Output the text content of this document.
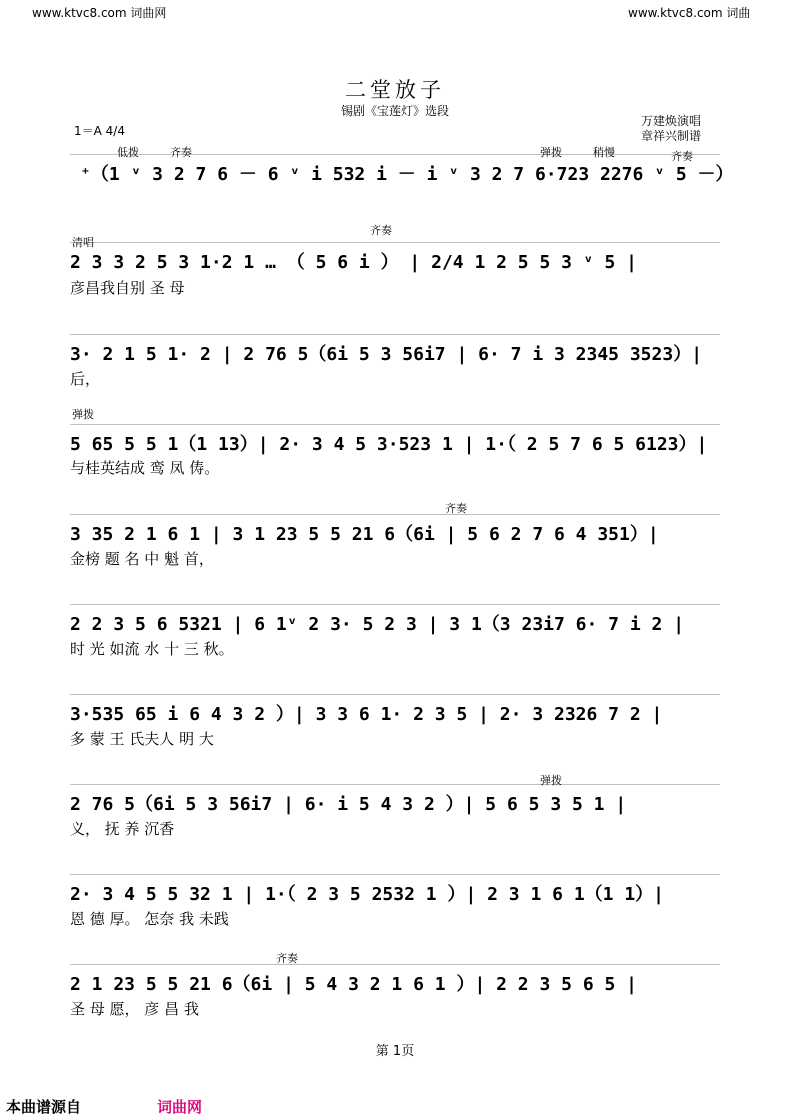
www.ktvc8.com 词曲网	www.ktvc8.com 词曲
二堂放子
锡剧《宝莲灯》选段
万建焕演唱
章祥兴制谱
1＝A 4/4
低拨	齐奏	弹拨	稍慢	齐奏
⁺（1 ᵛ 3 2 7 6 － 6 ᵛ i 532 i － i ᵛ 3 2 7 6·723 2276 ᵛ 5 －）
清唱
齐奏
2 3 3 2 5 3 1·2 1 … （ 5 6 i ） | 2/4 1 2 5 5 3 ᵛ 5 |
彦昌我自别 圣 母
3· 2 1 5 1· 2 | 2 76 5（6i 5 3 56i7 | 6· 7 i 3 2345 3523）|
后，
弹拨
5 65 5 5 1（1 13）| 2· 3 4 5 3·523 1 | 1·（ 2 5 7 6 5 6123）|
与桂英结成 鸾 凤 俦。
齐奏
3 35 2 1 6 1 | 3 1 23 5 5 21 6（6i | 5 6 2 7 6 4 351）|
金榜 题 名 中 魁 首，
2 2 3 5 6 5321 | 6 1ᵛ 2 3· 5 2 3 | 3 1（3 23i7 6· 7 i 2 |
时 光 如流 水 十 三 秋。
3·535 65 i 6 4 3 2 ）| 3 3 6 1· 2 3 5 | 2· 3 2326 7 2 |
多 蒙 王 氏夫人 明 大
弹拨
2 76 5（6i 5 3 56i7 | 6· i 5 4 3 2 ）| 5 6 5 3 5 1 |
义， 抚 养 沉香
2· 3 4 5 5 32 1 | 1·（ 2 3 5 2532 1 ）| 2 3 1 6 1（1 1）|
恩 德 厚。 怎奈 我 未践
齐奏
2 1 23 5 5 21 6（6i | 5 4 3 2 1 6 1 ）| 2 2 3 5 6 5 |
圣 母 愿， 彦 昌 我
第 1页
本曲谱源自	词曲网
